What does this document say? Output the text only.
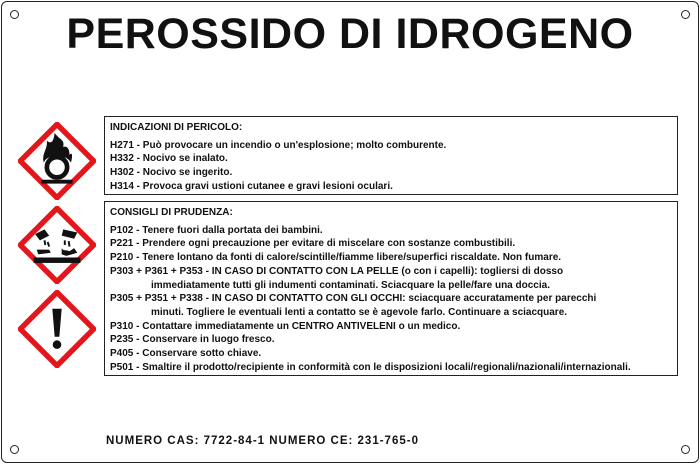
PEROSSIDO DI IDROGENO
INDICAZIONI DI PERICOLO:
H271 - Può provocare un incendio o un'esplosione; molto comburente.
H332 - Nocivo se inalato.
H302 - Nocivo se ingerito.
H314 - Provoca gravi ustioni cutanee e gravi lesioni oculari.
CONSIGLI DI PRUDENZA:
P102 - Tenere fuori dalla portata dei bambini.
P221 - Prendere ogni precauzione per evitare di miscelare con sostanze combustibili.
P210 - Tenere lontano da fonti di calore/scintille/fiamme libere/superfici riscaldate. Non fumare.
P303 + P361 + P353 - IN CASO DI CONTATTO CON LA PELLE (o con i capelli): togliersi di dosso
immediatamente tutti gli indumenti contaminati. Sciacquare la pelle/fare una doccia.
P305 + P351 + P338 - IN CASO DI CONTATTO CON GLI OCCHI: sciacquare accuratamente per parecchi
minuti. Togliere le eventuali lenti a contatto se è agevole farlo. Continuare a sciacquare.
P310 - Contattare immediatamente un CENTRO ANTIVELENI o un medico.
P235 - Conservare in luogo fresco.
P405 - Conservare sotto chiave.
P501 - Smaltire il prodotto/recipiente in conformità con le disposizioni locali/regionali/nazionali/internazionali.
NUMERO CAS: 7722-84-1 NUMERO CE: 231-765-0
